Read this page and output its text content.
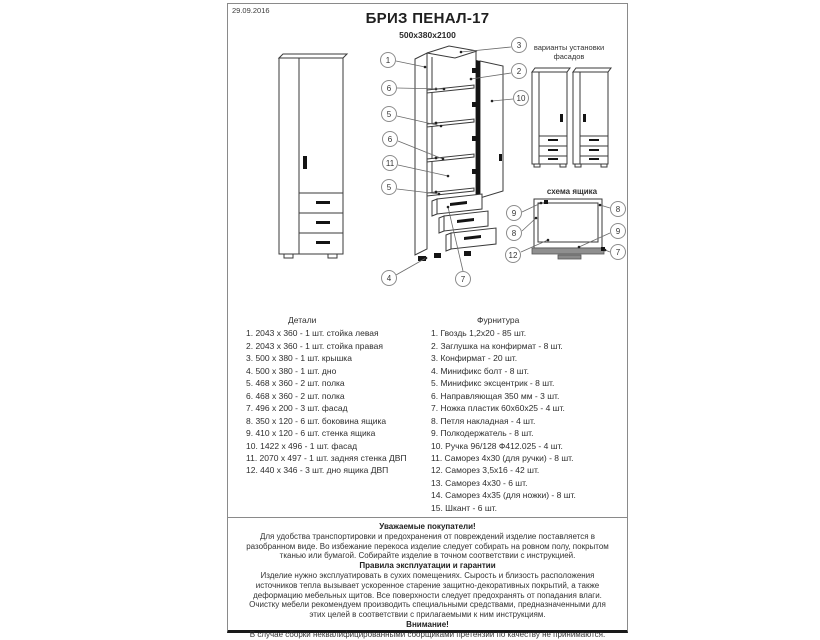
29.09.2016	БРИЗ ПЕНАЛ-17
500x380x2100
3
1
2
6
10
5
6
11
5
4	7
варианты установки фасадов
схема ящика
9
8
12
8
9
7
Детали
1. 2043 x 360 - 1 шт. стойка левая
2. 2043 x 360 - 1 шт. стойка правая
3. 500 x 380 - 1 шт. крышка
4. 500 x 380 - 1 шт. дно
5. 468 x 360 - 2 шт. полка
6. 468 x 360 - 2 шт. полка
7. 496 x 200 - 3 шт. фасад
8. 350 x 120 - 6 шт. боковина ящика
9. 410 x 120 - 6 шт. стенка ящика
10. 1422 x 496 - 1 шт. фасад
11. 2070 x 497 - 1 шт. задняя стенка ДВП
12. 440 x 346 - 3 шт. дно ящика ДВП
Фурнитура
1. Гвоздь 1,2x20 - 85 шт.
2. Заглушка на конфирмат - 8 шт.
3. Конфирмат - 20 шт.
4. Минификс болт - 8 шт.
5. Минификс эксцентрик - 8 шт.
6. Направляющая 350 мм - 3 шт.
7. Ножка пластик 60x60x25 - 4 шт.
8. Петля накладная - 4 шт.
9. Полкодержатель - 8 шт.
10. Ручка 96/128 Ф412.025 - 4 шт.
11. Саморез 4x30 (для ручки) - 8 шт.
12. Саморез 3,5x16 - 42 шт.
13. Саморез 4x30 - 6 шт.
14. Саморез 4x35 (для ножки) - 8 шт.
15. Шкант - 6 шт.
Уважаемые покупатели!
Для удобства транспортировки и предохранения от повреждений изделие поставляется в разобранном виде. Во избежание перекоса изделие следует собирать на ровном полу, покрытом тканью или бумагой. Собирайте изделие в точном соответствии с инструкцией.
Правила эксплуатации и гарантии
Изделие нужно эксплуатировать в сухих помещениях. Сырость и близость расположения источников тепла вызывает ускоренное старение защитно-декоративных покрытий, а также деформацию мебельных щитов. Все поверхности следует предохранять от попадания влаги. Очистку мебели рекомендуем производить специальными средствами, предназначенными для этих целей в соответствии с прилагаемыми к ним инструкциям.
Внимание!
В случае сборки неквалифицированными сборщиками претензии по качеству не принимаются.
